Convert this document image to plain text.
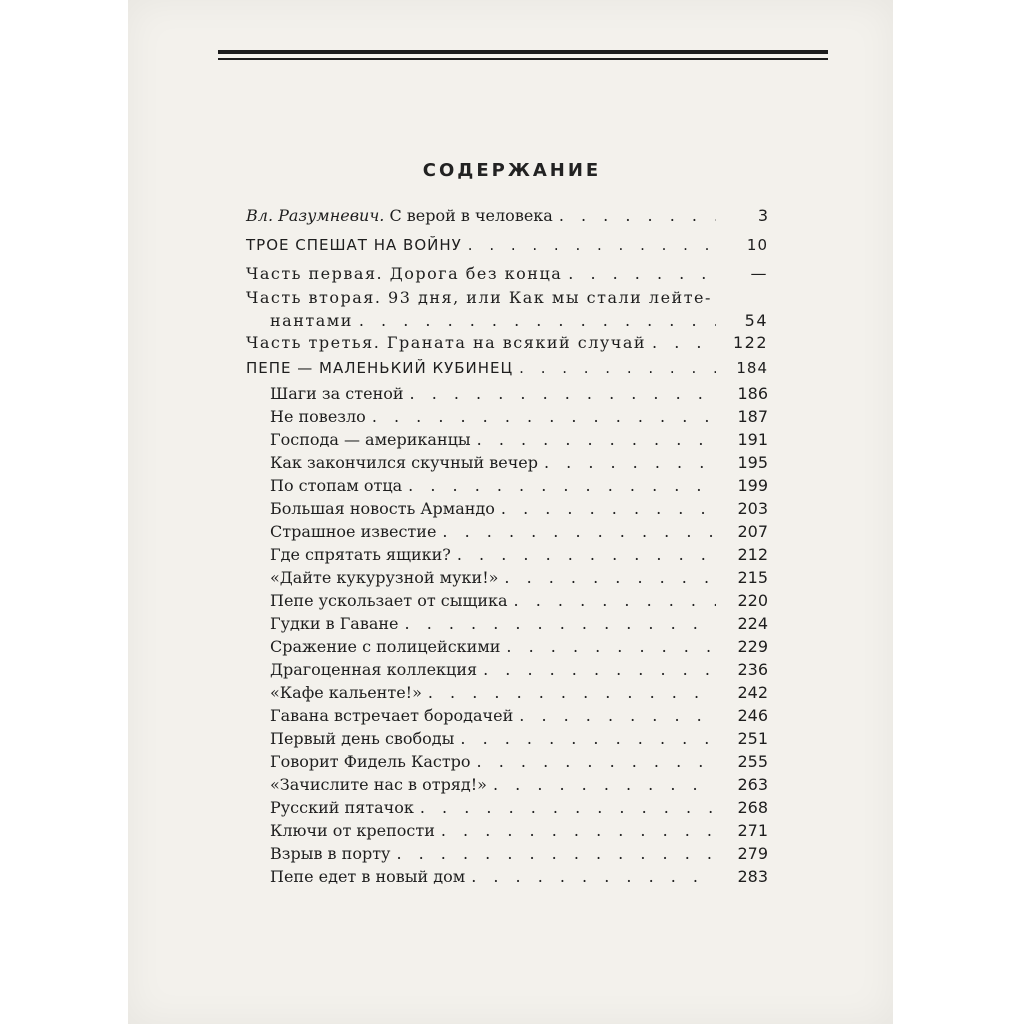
СОДЕРЖАНИЕ
Вл. Разумневич. С верой в человека . . .	3
ТРОЕ СПЕШАТ НА ВОЙНУ . . .	10
Часть первая. Дорога без конца . . .	—
Часть вторая. 93 дня, или Как мы стали лейте-
нантами . . .	54
Часть третья. Граната на всякий случай . . .	122
ПЕПЕ — МАЛЕНЬКИЙ КУБИНЕЦ . . .	184
Шаги за стеной . . .	186
Не повезло . . .	187
Господа — американцы . . .	191
Как закончился скучный вечер . . .	195
По стопам отца . . .	199
Большая новость Армандо . . .	203
Страшное известие . . .	207
Где спрятать ящики? . . .	212
«Дайте кукурузной муки!» . . .	215
Пепе ускользает от сыщика . . .	220
Гудки в Гаване . . .	224
Сражение с полицейскими . . .	229
Драгоценная коллекция . . .	236
«Кафе кальенте!» . . .	242
Гавана встречает бородачей . . .	246
Первый день свободы . . .	251
Говорит Фидель Кастро . . .	255
«Зачислите нас в отряд!» . . .	263
Русский пятачок . . .	268
Ключи от крепости . . .	271
Взрыв в порту . . .	279
Пепе едет в новый дом . . .	283
